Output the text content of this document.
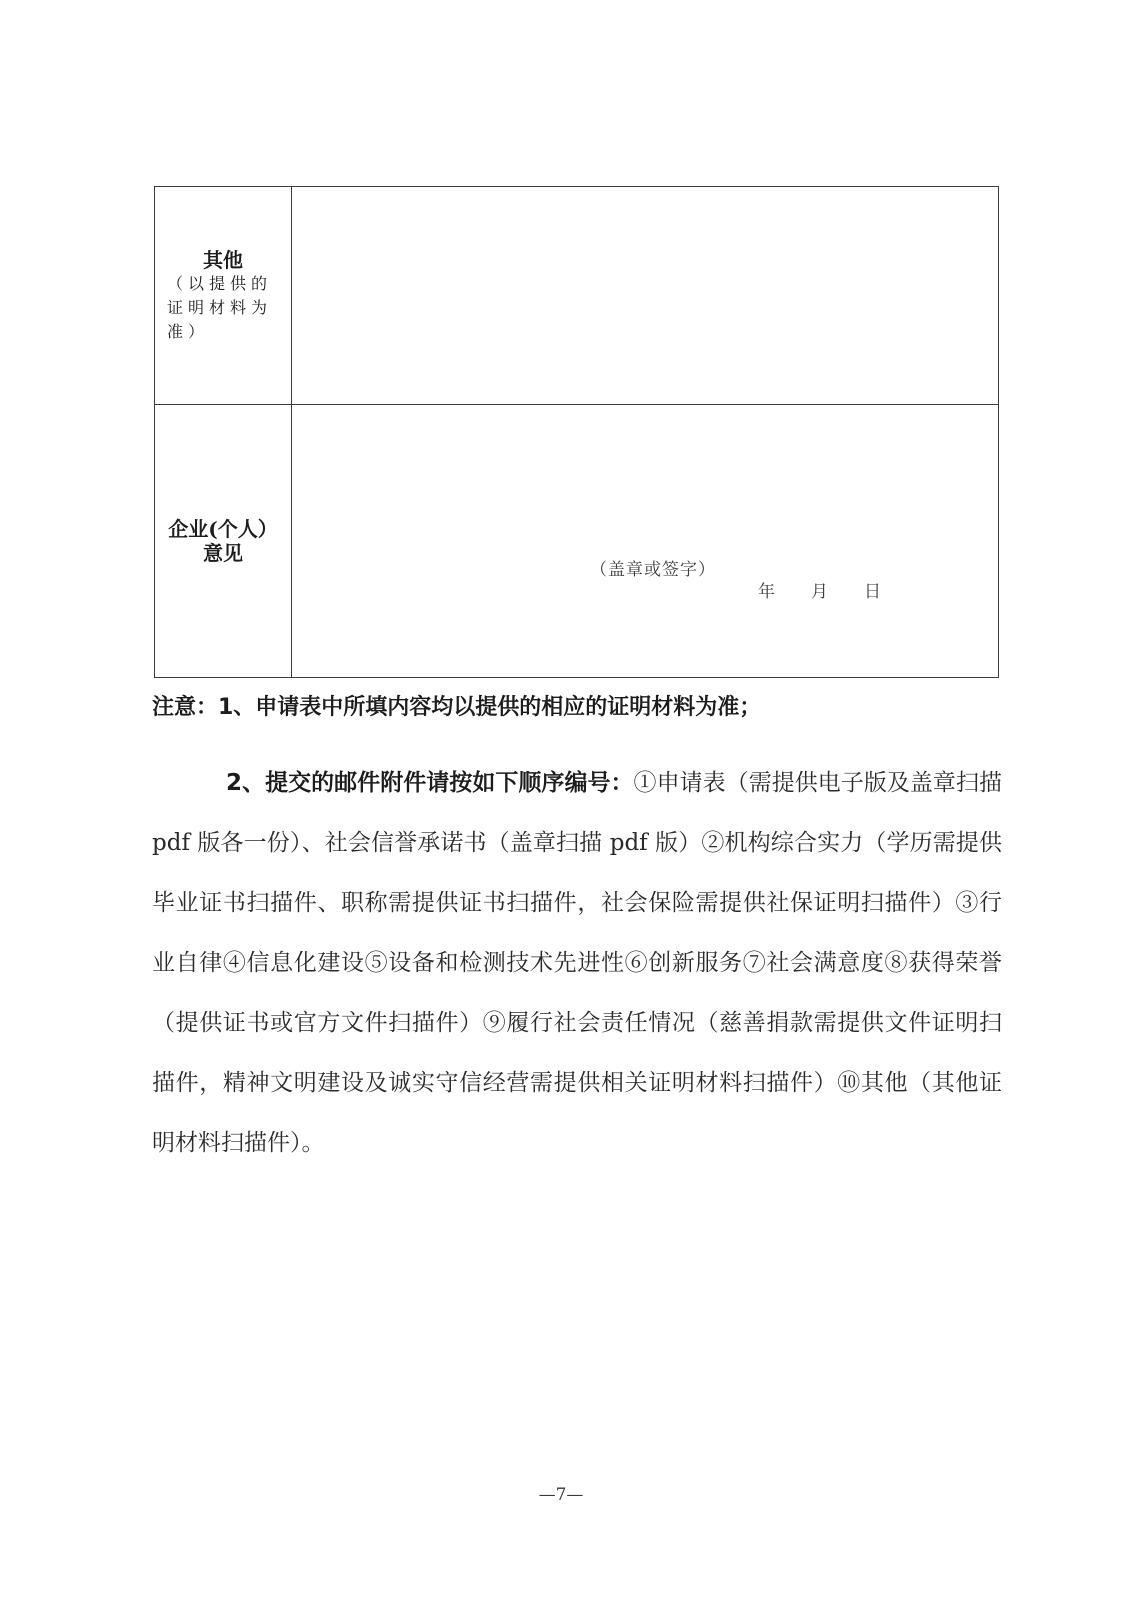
其他
（以提供的证明材料为准）	

企业(个人）意见	（盖章或签字）
年 月 日

注意：1、申请表中所填内容均以提供的相应的证明材料为准；

2、提交的邮件附件请按如下顺序编号：①申请表（需提供电子版及盖章扫描 pdf 版各一份）、社会信誉承诺书（盖章扫描 pdf 版）②机构综合实力（学历需提供毕业证书扫描件、职称需提供证书扫描件，社会保险需提供社保证明扫描件）③行业自律④信息化建设⑤设备和检测技术先进性⑥创新服务⑦社会满意度⑧获得荣誉（提供证书或官方文件扫描件）⑨履行社会责任情况（慈善捐款需提供文件证明扫描件，精神文明建设及诚实守信经营需提供相关证明材料扫描件）⑩其他（其他证明材料扫描件）。

—7—
